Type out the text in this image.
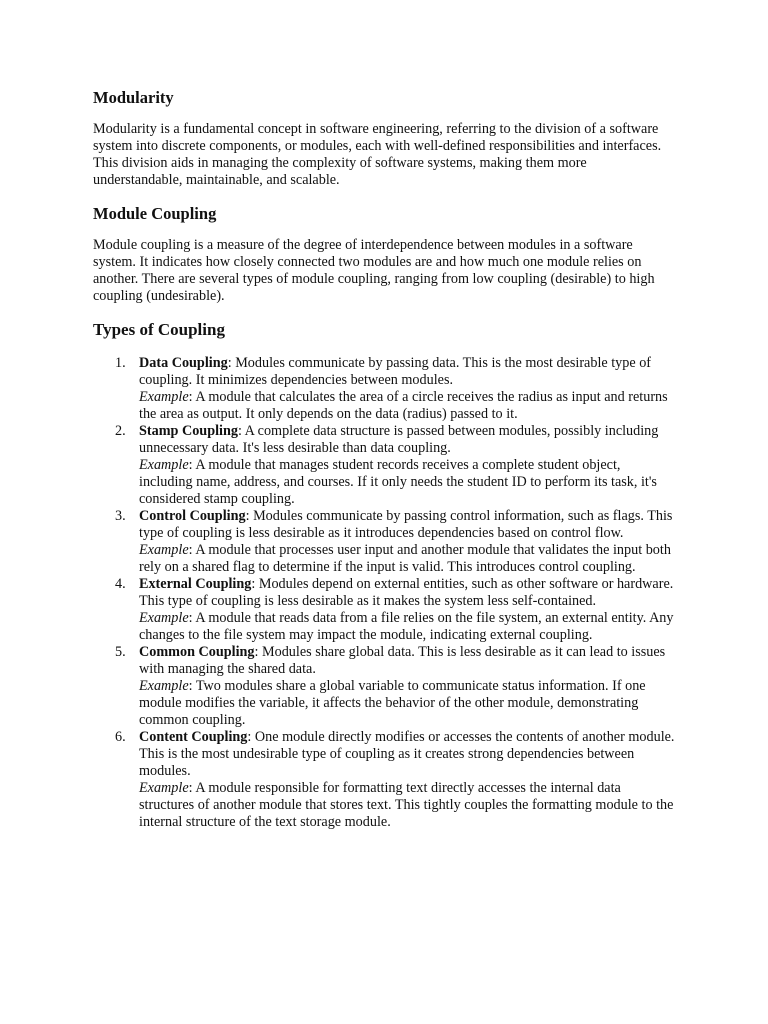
Modularity

Modularity is a fundamental concept in software engineering, referring to the division of a software system into discrete components, or modules, each with well-defined responsibilities and interfaces. This division aids in managing the complexity of software systems, making them more understandable, maintainable, and scalable.

Module Coupling

Module coupling is a measure of the degree of interdependence between modules in a software system. It indicates how closely connected two modules are and how much one module relies on another. There are several types of module coupling, ranging from low coupling (desirable) to high coupling (undesirable).

Types of Coupling
1. Data Coupling: Modules communicate by passing data. This is the most desirable type of coupling. It minimizes dependencies between modules.
Example: A module that calculates the area of a circle receives the radius as input and returns the area as output. It only depends on the data (radius) passed to it.
2. Stamp Coupling: A complete data structure is passed between modules, possibly including unnecessary data. It's less desirable than data coupling.
Example: A module that manages student records receives a complete student object, including name, address, and courses. If it only needs the student ID to perform its task, it's considered stamp coupling.
3. Control Coupling: Modules communicate by passing control information, such as flags. This type of coupling is less desirable as it introduces dependencies based on control flow.
Example: A module that processes user input and another module that validates the input both rely on a shared flag to determine if the input is valid. This introduces control coupling.
4. External Coupling: Modules depend on external entities, such as other software or hardware. This type of coupling is less desirable as it makes the system less self-contained.
Example: A module that reads data from a file relies on the file system, an external entity. Any changes to the file system may impact the module, indicating external coupling.
5. Common Coupling: Modules share global data. This is less desirable as it can lead to issues with managing the shared data.
Example: Two modules share a global variable to communicate status information. If one module modifies the variable, it affects the behavior of the other module, demonstrating common coupling.
6. Content Coupling: One module directly modifies or accesses the contents of another module. This is the most undesirable type of coupling as it creates strong dependencies between modules.
Example: A module responsible for formatting text directly accesses the internal data structures of another module that stores text. This tightly couples the formatting module to the internal structure of the text storage module.
